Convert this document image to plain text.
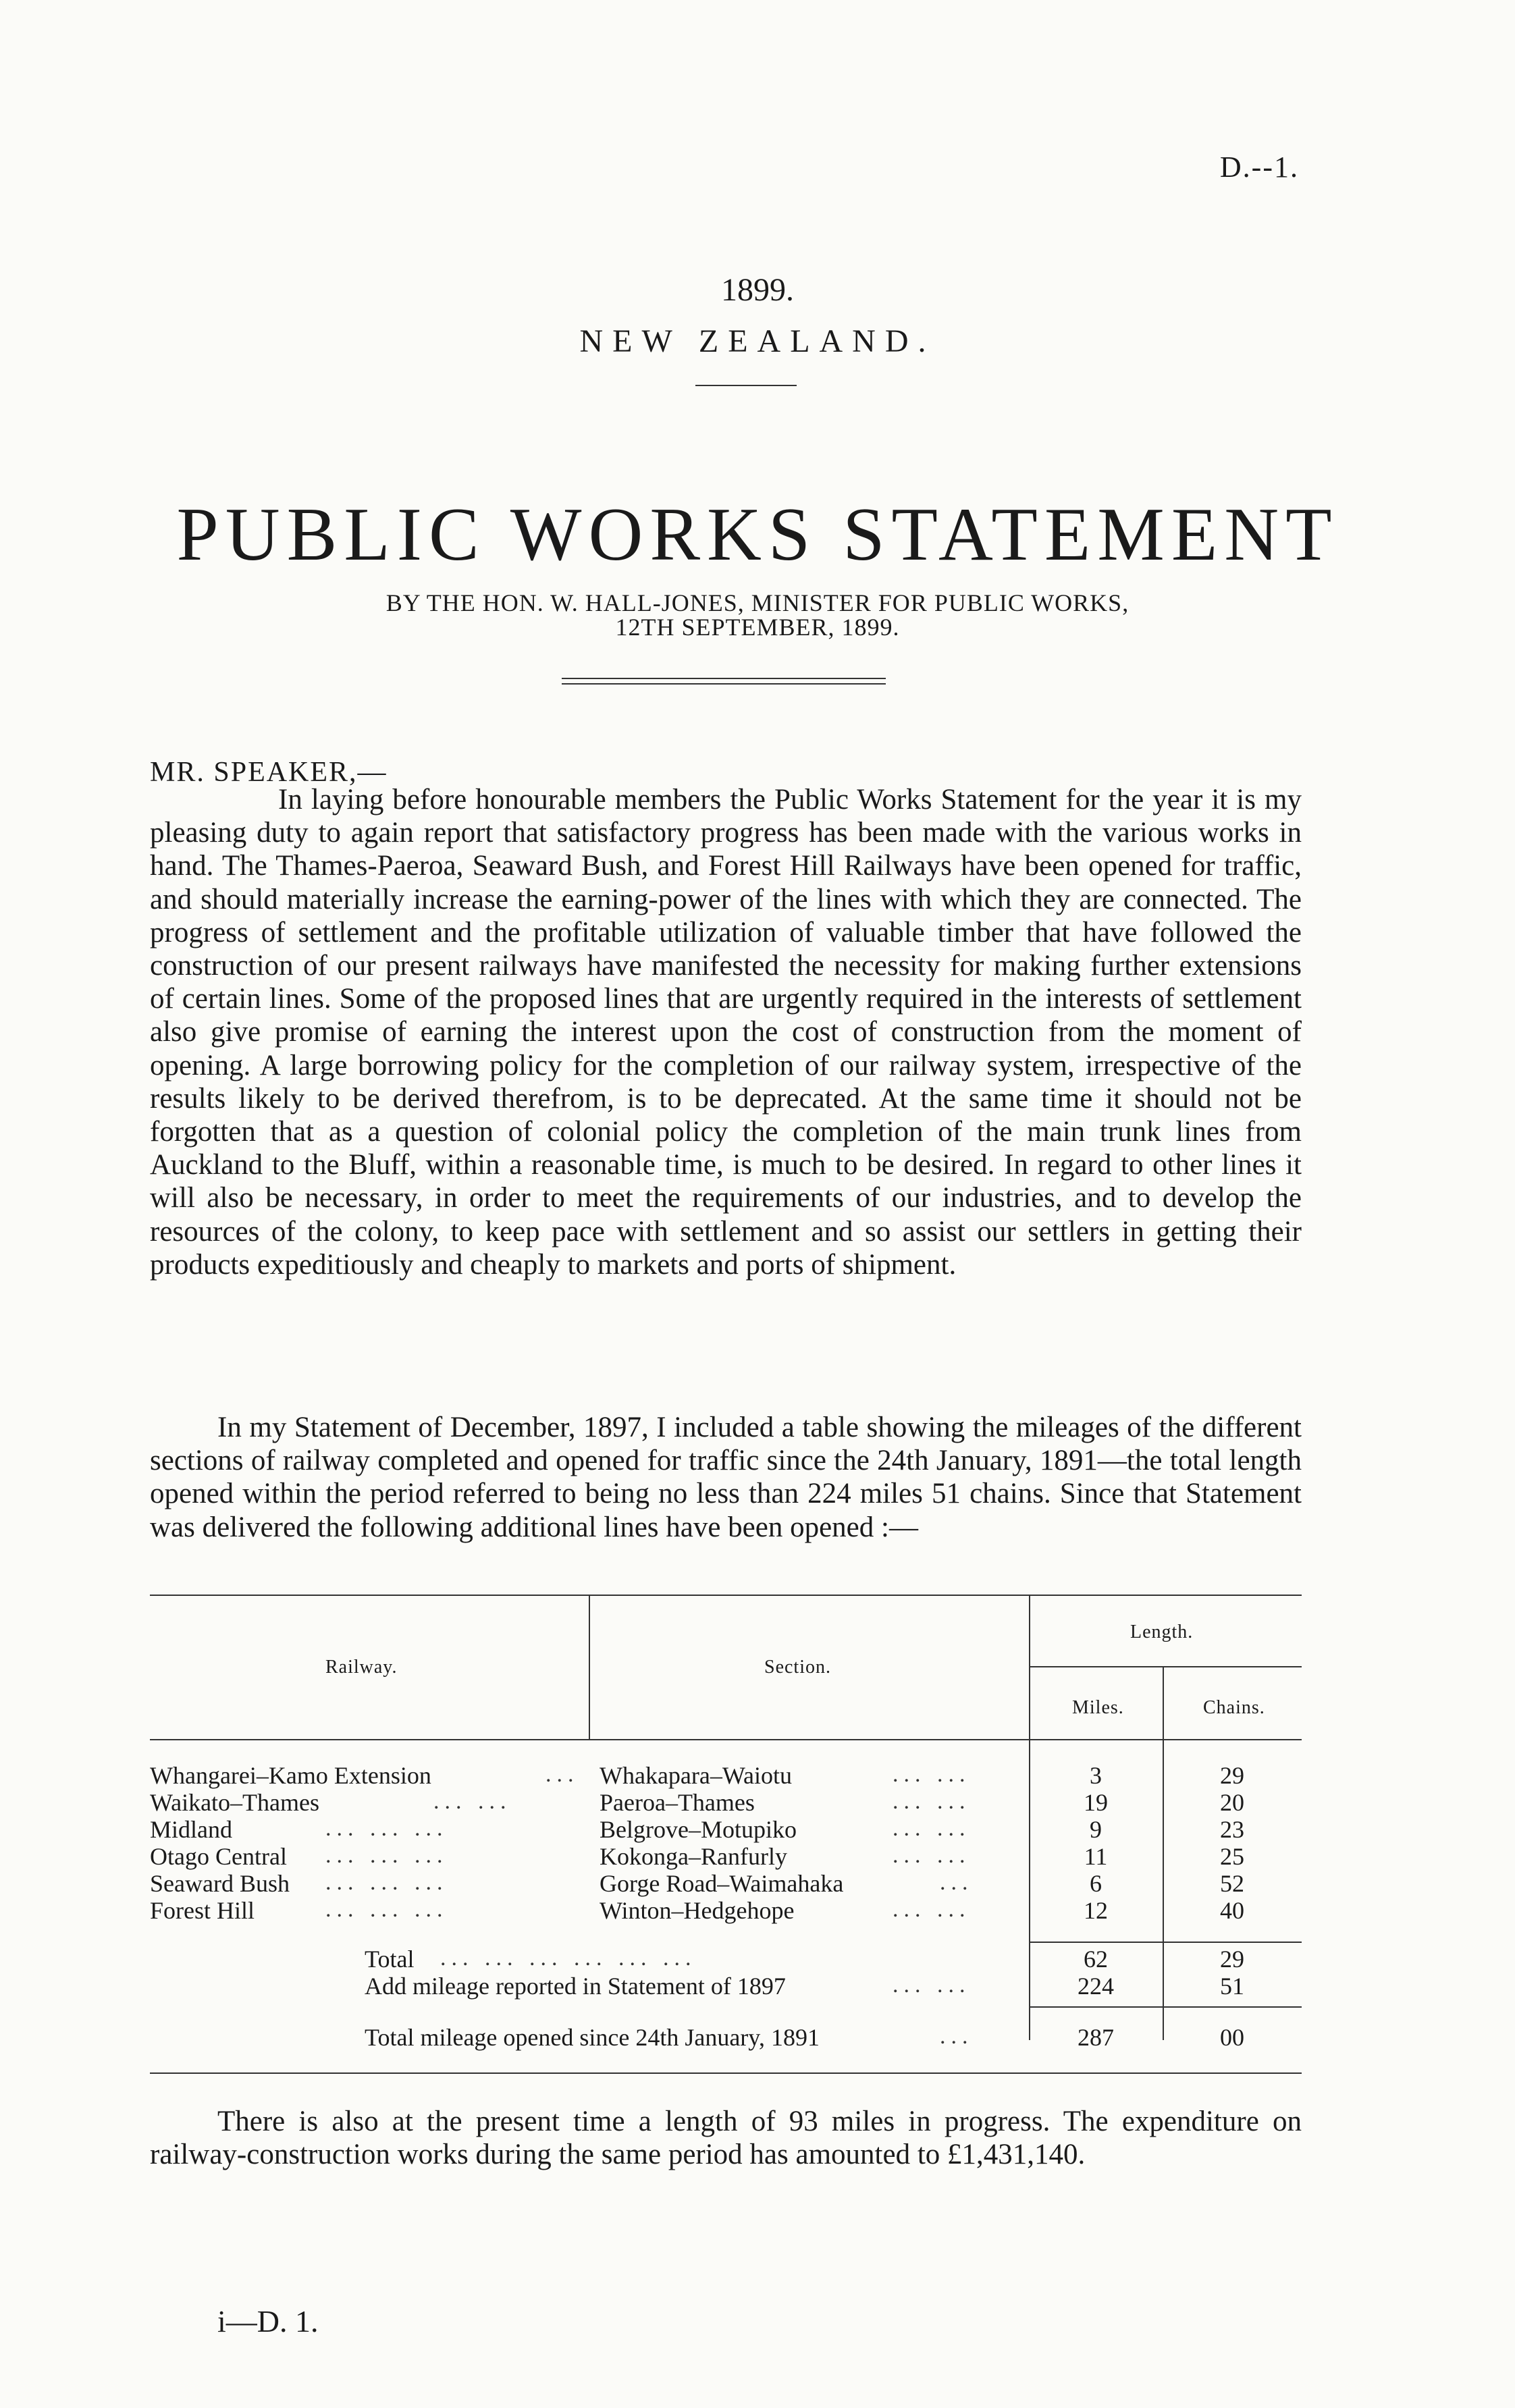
D.--1.
1899.
NEW ZEALAND.
PUBLIC WORKS STATEMENT
BY THE HON. W. HALL-JONES, MINISTER FOR PUBLIC WORKS,
12TH SEPTEMBER, 1899.
MR. SPEAKER,—

In laying before honourable members the Public Works Statement for the year it is my pleasing duty to again report that satisfactory progress has been made with the various works in hand. The Thames-Paeroa, Seaward Bush, and Forest Hill Railways have been opened for traffic, and should materially increase the earning-power of the lines with which they are connected. The progress of settlement and the profitable utilization of valuable timber that have followed the construction of our present railways have manifested the necessity for making further extensions of certain lines. Some of the proposed lines that are urgently required in the interests of settlement also give promise of earning the interest upon the cost of construction from the moment of opening. A large borrowing policy for the completion of our railway system, irrespective of the results likely to be derived therefrom, is to be deprecated. At the same time it should not be forgotten that as a question of colonial policy the completion of the main trunk lines from Auckland to the Bluff, within a reasonable time, is much to be desired. In regard to other lines it will also be necessary, in order to meet the requirements of our industries, and to develop the resources of the colony, to keep pace with settlement and so assist our settlers in getting their products expeditiously and cheaply to markets and ports of shipment.

In my Statement of December, 1897, I included a table showing the mileages of the different sections of railway completed and opened for traffic since the 24th January, 1891—the total length opened within the period referred to being no less than 224 miles 51 chains. Since that Statement was delivered the following additional lines have been opened :—

Railway.	Section.
Length.
Miles.	Chains.
Whangarei–Kamo Extension	... Whakapara–Waiotu	... ...	3	29
Waikato–Thames	... ...	Paeroa–Thames	... ...	19	20
Midland	... ... ...	Belgrove–Motupiko	... ...	9	23
Otago Central ... ... ...	Kokonga–Ranfurly	... ...	11	25
Seaward Bush ... ... ...	Gorge Road–Waimahaka	...	6	52
Forest Hill	... ... ...	Winton–Hedgehope	... ...	12	40
Total ... ... ... ... ... ...	62	29
Add mileage reported in Statement of 1897	... ...	224	51
Total mileage opened since 24th January, 1891	...	287	00

There is also at the present time a length of 93 miles in progress. The expenditure on railway-construction works during the same period has amounted to £1,431,140.

i—D. 1.
